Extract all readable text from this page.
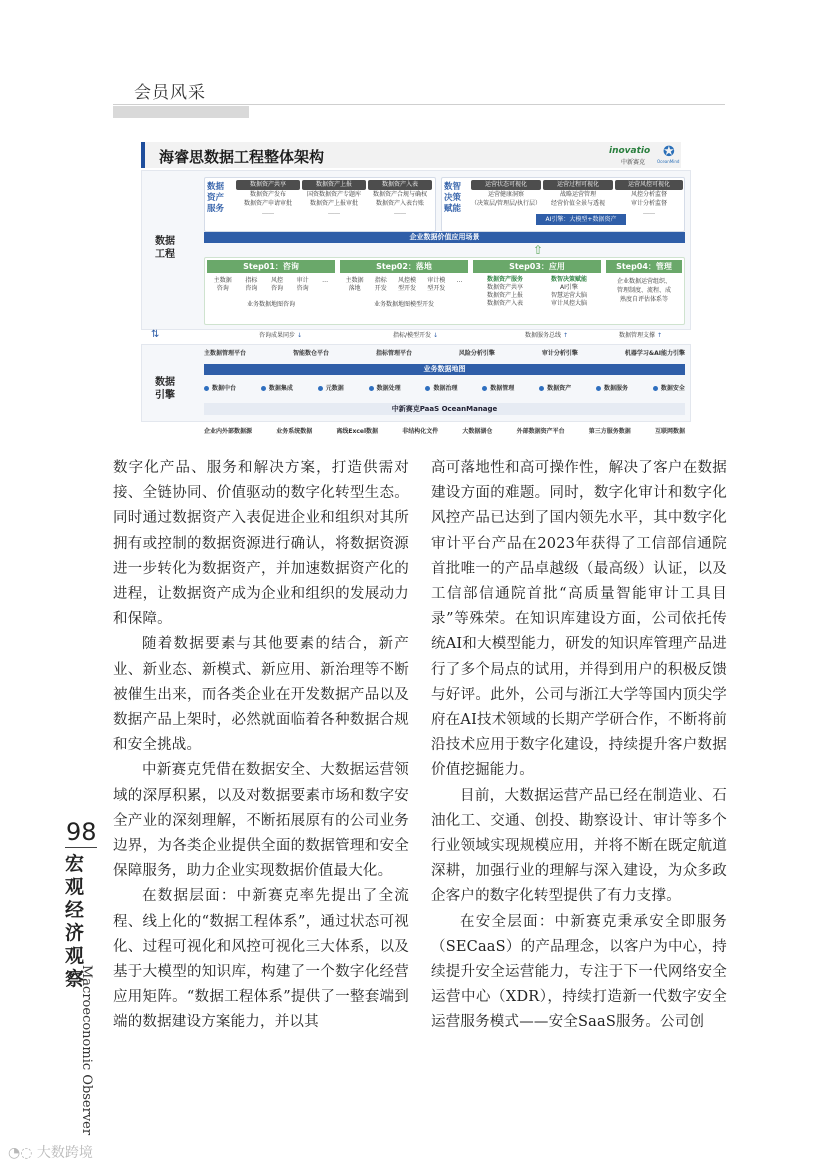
会员风采
海睿思数据工程整体架构	inovatio
中新赛克
✪
OceanMind
数据
工程
数据
资产
服务
数据资产共享
数据资产发布
数据资产申请审批
……
数据资产上报
国资数据资产专题库
数据资产上报审批
……
数据资产入表
数据资产合规与确权
数据资产入表台账
……
数智
决策
赋能
运营状态可视化
运营健康洞察
（决策层/管理层/执行层）
运营过程可视化
战略运营管理
经营价值全景与透视
运营风控可视化
风控分析监督
审计分析监督
……
AI引擎：大模型+数据资产
企业数据价值应用场景
⇧
Step01：咨询
主数据
咨询
指标
咨询
风控
咨询
审计
咨询
…
业务数据地图咨询
Step02：落地
主数据
落地
指标
开发
风控模
型开发
审计模
型开发
…
业务数据地图模型开发
Step03：应用
数据资产服务
数据资产共享
数据资产上报
数据资产入表
数智决策赋能
AI引擎
智慧运营大脑
审计风控大脑
Step04：管理
企业数据运营组织、
管理制度、流程、成
熟度自评估体系等
⇅	咨询成果同步 ↓	指标/模型开发 ↓	数据服务总线 ↑	数据管理支撑 ↑
数据
引擎
主数据管理平台	智能数仓平台	指标管理平台	风险分析引擎	审计分析引擎	机器学习&AI能力引擎
业务数据地图
数据中台	数据集成	元数据	数据处理	数据治理	数据管理	数据资产	数据服务	数据安全
中新赛克PaaS OceanManage
企业内外部数据源	业务系统数据	离线Excel数据	非结构化文件	大数据湖仓	外部数据资产平台	第三方服务数据	互联网数据

数字化产品、服务和解决方案，打造供需对接、全链协同、价值驱动的数字化转型生态。同时通过数据资产入表促进企业和组织对其所拥有或控制的数据资源进行确认，将数据资源进一步转化为数据资产，并加速数据资产化的进程，让数据资产成为企业和组织的发展动力和保障。

随着数据要素与其他要素的结合，新产业、新业态、新模式、新应用、新治理等不断被催生出来，而各类企业在开发数据产品以及数据产品上架时，必然就面临着各种数据合规和安全挑战。

中新赛克凭借在数据安全、大数据运营领域的深厚积累，以及对数据要素市场和数字安全产业的深刻理解，不断拓展原有的公司业务边界，为各类企业提供全面的数据管理和安全保障服务，助力企业实现数据价值最大化。

在数据层面：中新赛克率先提出了全流程、线上化的“数据工程体系”，通过状态可视化、过程可视化和风控可视化三大体系，以及基于大模型的知识库，构建了一个数字化经营应用矩阵。“数据工程体系”提供了一整套端到端的数据建设方案能力，并以其

高可落地性和高可操作性，解决了客户在数据建设方面的难题。同时，数字化审计和数字化风控产品已达到了国内领先水平，其中数字化审计平台产品在2023年获得了工信部信通院首批唯一的产品卓越级（最高级）认证，以及工信部信通院首批“高质量智能审计工具目录”等殊荣。在知识库建设方面，公司依托传统AI和大模型能力，研发的知识库管理产品进行了多个局点的试用，并得到用户的积极反馈与好评。此外，公司与浙江大学等国内顶尖学府在AI技术领域的长期产学研合作，不断将前沿技术应用于数字化建设，持续提升客户数据价值挖掘能力。

目前，大数据运营产品已经在制造业、石油化工、交通、创投、勘察设计、审计等多个行业领域实现规模应用，并将不断在既定航道深耕，加强行业的理解与深入建设，为众多政企客户的数字化转型提供了有力支撑。

在安全层面：中新赛克秉承安全即服务（SECaaS）的产品理念，以客户为中心，持续提升安全运营能力，专注于下一代网络安全运营中心（XDR），持续打造新一代数字安全运营服务模式——安全SaaS服务。公司创

98
宏观经济观察
Macroeconomic Observer
◔◌ 大数跨境
